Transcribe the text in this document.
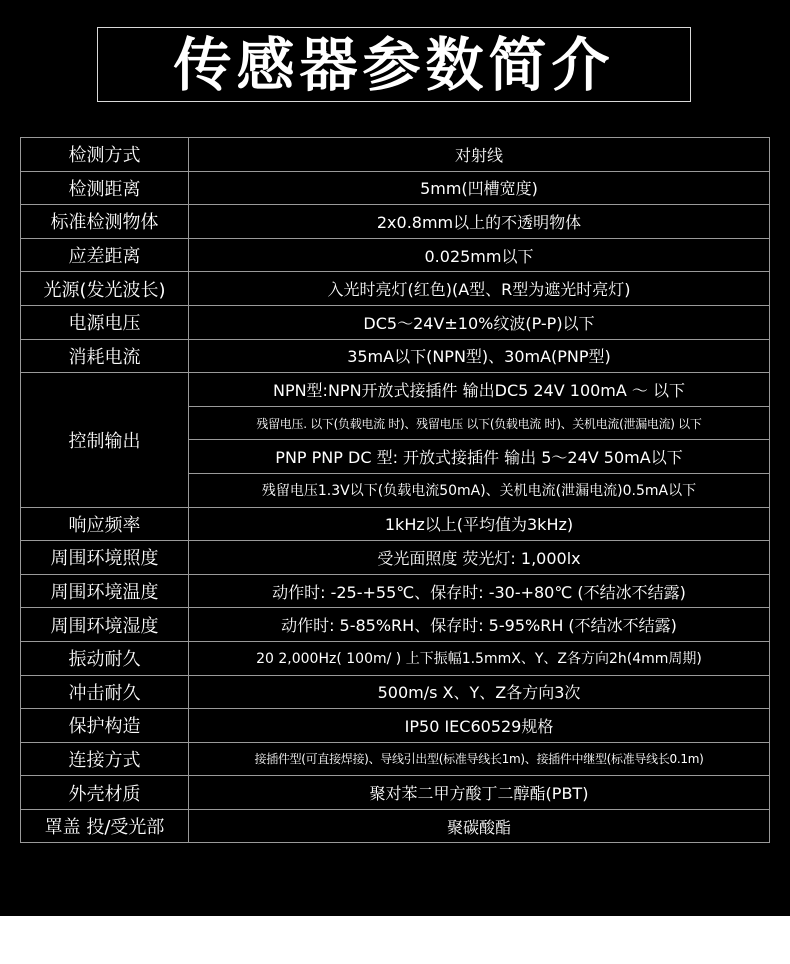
传感器参数简介
检测方式	对射线
检测距离	5mm(凹槽宽度)
标准检测物体	2x0.8mm以上的不透明物体
应差距离	0.025mm以下
光源(发光波长)	入光时亮灯(红色)(A型、R型为遮光时亮灯)
电源电压	DC5～24V±10%纹波(P-P)以下
消耗电流	35mA以下(NPN型)、30mA(PNP型)
控制输出	NPN型:NPN开放式接插件 输出DC5 24V 100mA ～ 以下
	残留电压. 以下(负载电流 时)、残留电压 以下(负载电流 时)、关机电流(泄漏电流) 以下
	PNP PNP DC 型: 开放式接插件 输出 5～24V 50mA以下
	残留电压1.3V以下(负载电流50mA)、关机电流(泄漏电流)0.5mA以下
响应频率	1kHz以上(平均值为3kHz)
周围环境照度	受光面照度 荧光灯: 1,000lx
周围环境温度	动作时: -25-+55℃、保存时: -30-+80℃ (不结冰不结露)
周围环境湿度	动作时: 5-85%RH、保存时: 5-95%RH (不结冰不结露)
振动耐久	20 2,000Hz( 100m/ ) 上下振幅1.5mmX、Y、Z各方向2h(4mm周期)
冲击耐久	500m/s X、Y、Z各方向3次
保护构造	IP50 IEC60529规格
连接方式	接插件型(可直接焊接)、导线引出型(标准导线长1m)、接插件中继型(标准导线长0.1m)
外壳材质	聚对苯二甲方酸丁二醇酯(PBT)
罩盖 投/受光部	聚碳酸酯
